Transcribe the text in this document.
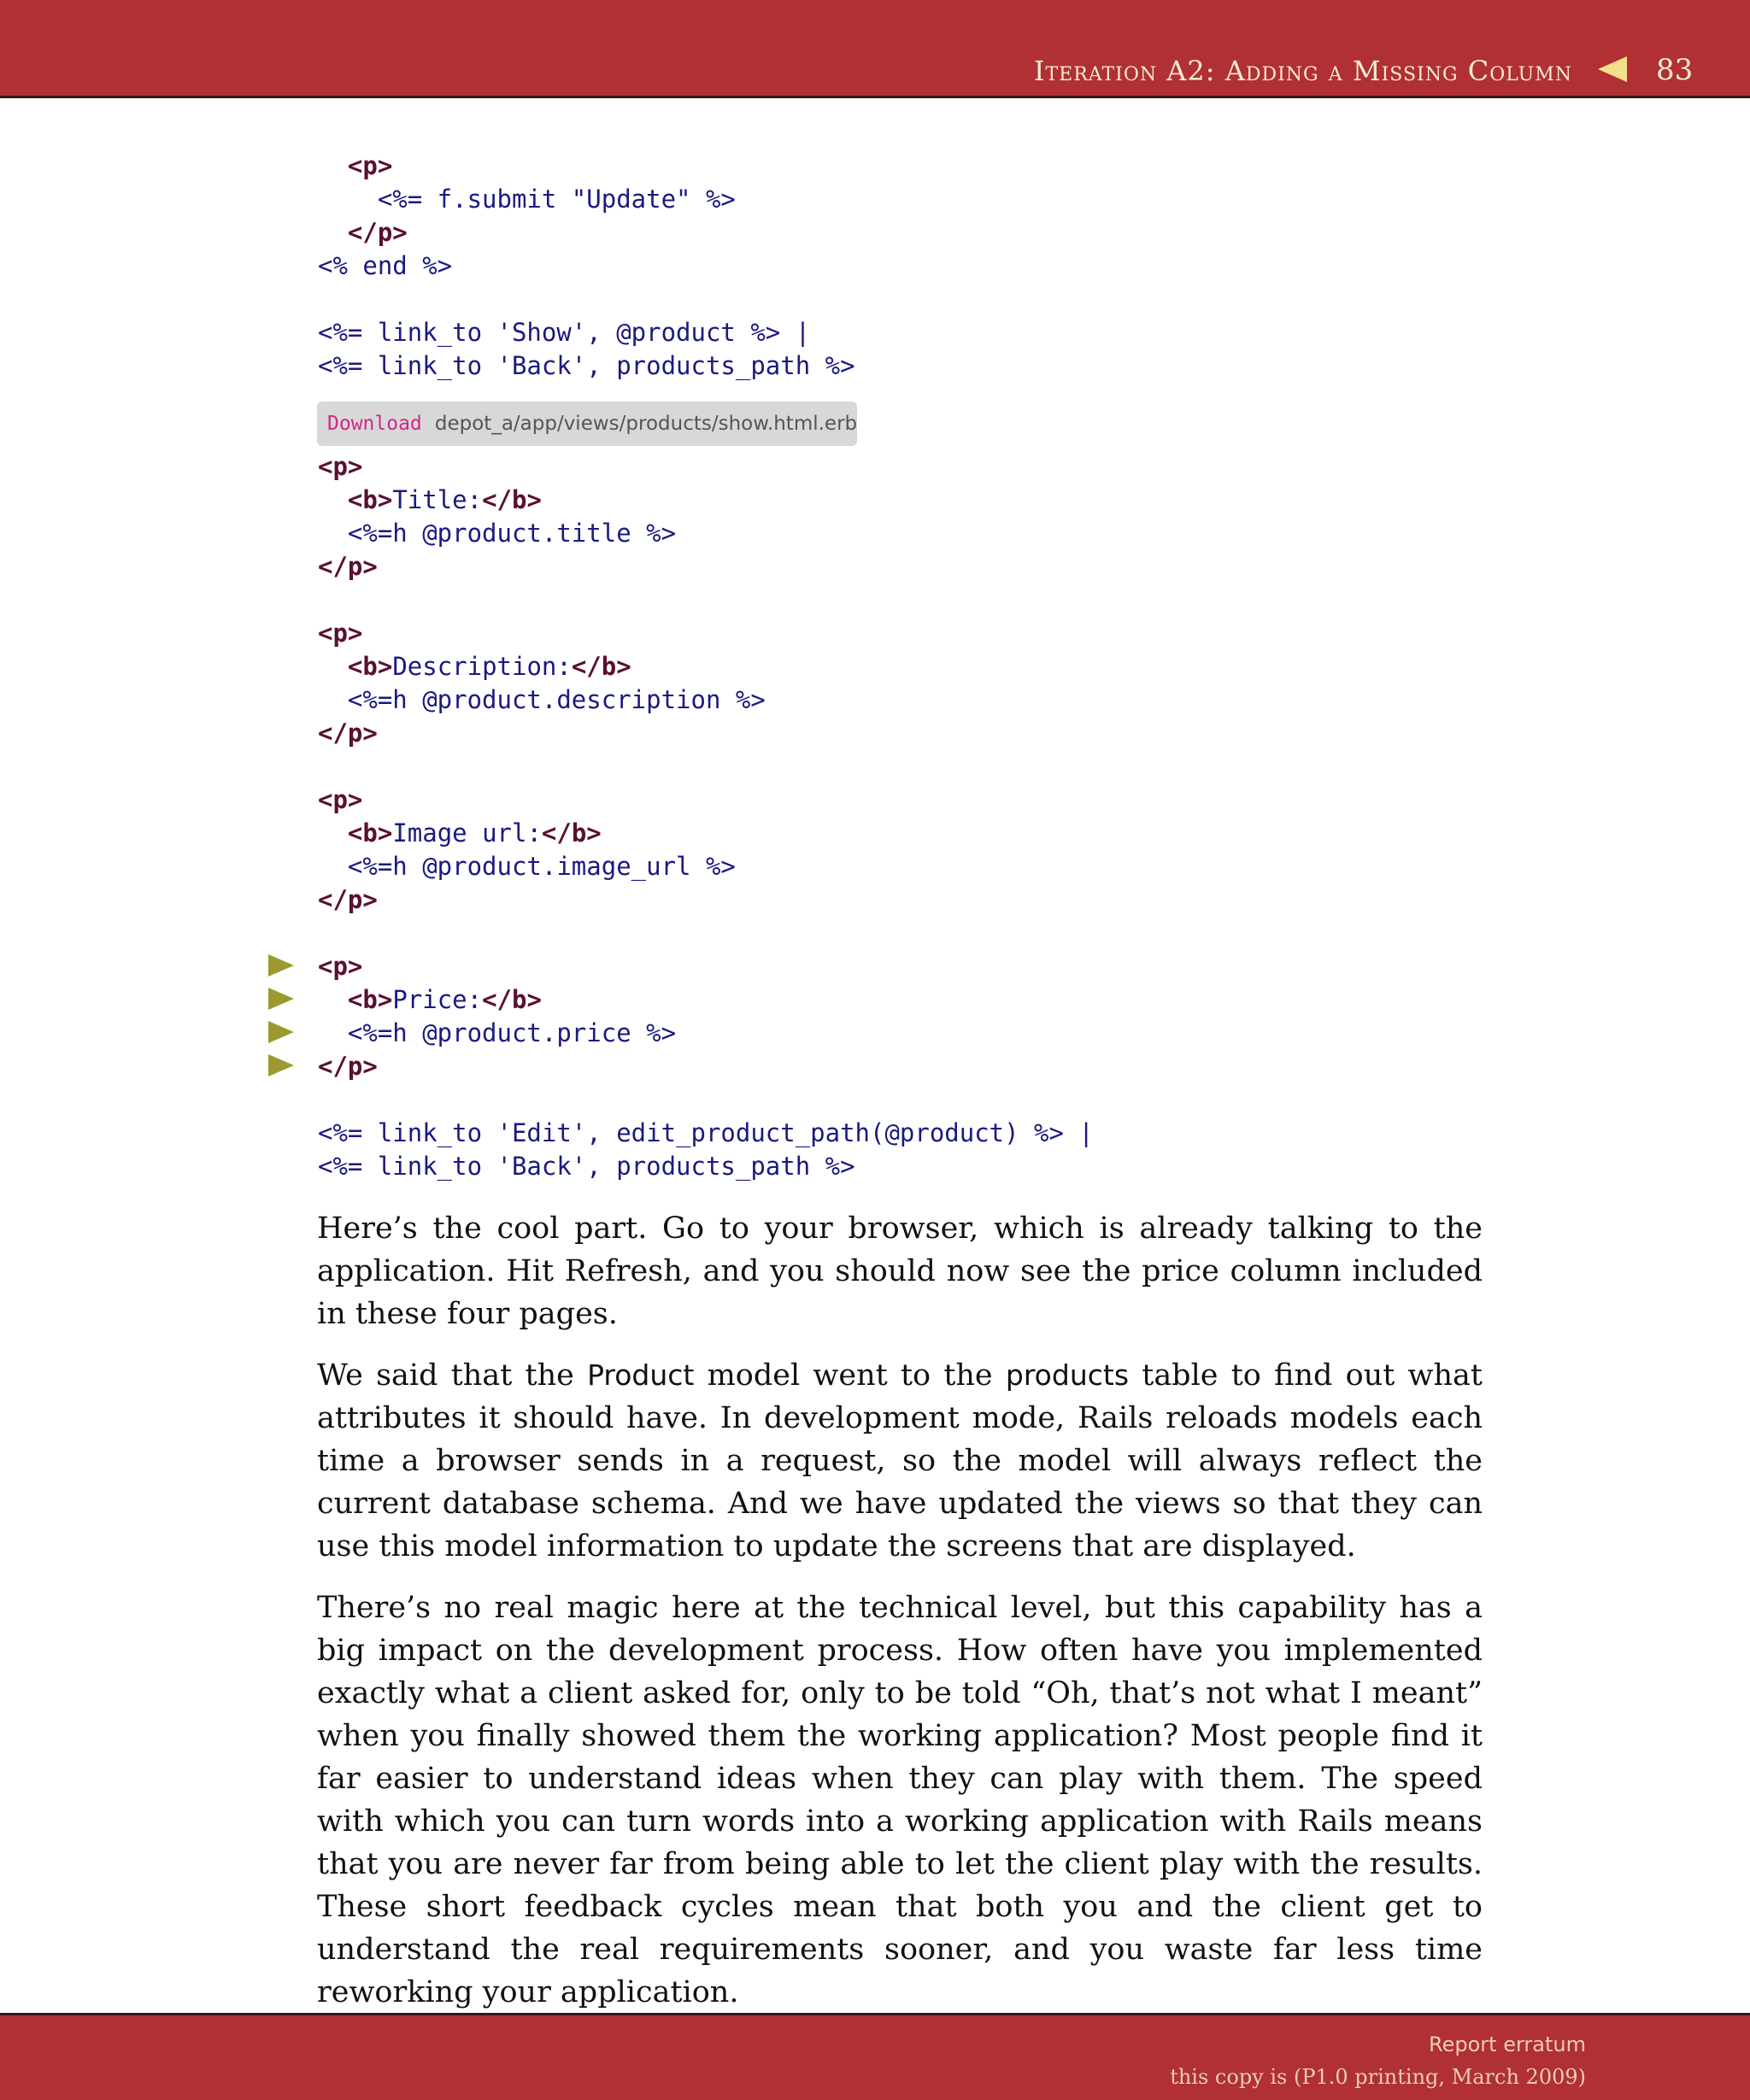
Iteration A2: Adding a Missing Column	83
<p>
<%= f.submit "Update" %>
</p>
<% end %>

<%= link_to 'Show', @product %> |
<%= link_to 'Back', products_path %>
Download depot_a/app/views/products/show.html.erb
<p>
<b>Title:</b>
<%=h @product.title %>
</p>

<p>
<b>Description:</b>
<%=h @product.description %>
</p>

<p>
<b>Image url:</b>
<%=h @product.image_url %>
</p>

<p>
<b>Price:</b>
<%=h @product.price %>
</p>

<%= link_to 'Edit', edit_product_path(@product) %> |
<%= link_to 'Back', products_path %>

Here’s the cool part. Go to your browser, which is already talking to the application. Hit Refresh, and you should now see the price column included in these four pages.

We said that the Product model went to the products table to find out what attributes it should have. In development mode, Rails reloads models each time a browser sends in a request, so the model will always reflect the current database schema. And we have updated the views so that they can use this model information to update the screens that are displayed.

There’s no real magic here at the technical level, but this capability has a big impact on the development process. How often have you implemented exactly what a client asked for, only to be told “Oh, that’s not what I meant” when you finally showed them the working application? Most people find it far easier to understand ideas when they can play with them. The speed with which you can turn words into a working application with Rails means that you are never far from being able to let the client play with the results. These short feedback cycles mean that both you and the client get to understand the real requirements sooner, and you waste far less time reworking your application.

Report erratum
this copy is (P1.0 printing, March 2009)
